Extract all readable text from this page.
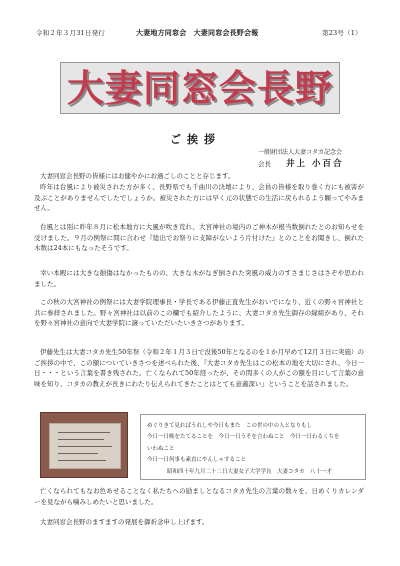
令和２年３月31日発行	大妻地方同窓会　大妻同窓会長野会報	第23号（1）
大妻同窓会長野
ご挨拶
一般財団法人大妻コタカ記念会
会長 井上 小百合

大妻同窓会長野の皆様にはお健やかにお過ごしのことと存じます。

昨年は台風により被災された方が多く、長野県でも千曲川の決壊により、会員の皆様を取り巻く方にも被害が及ぶことがありませんでしたでしょうか。被災された方には早く元の状態での生活に戻られるよう願ってやみません。

台風とは別に昨年８月に松本地方に大風が吹き荒れ、大宮神社の境内のご神木が根当数倒れたとのお知らせを受けました。９月の例祭に間に合わせ『総出でお祭りに支障がないよう片付けた』とのことをお聞きし、倒れた木数は24本にもなったそうです。

幸い本殿には大きな損傷はなかったものの、大きな木がなぎ倒された突風の威力のすさまじさはさぞや思われました。

この秋の大宮神社の例祭には大妻学院理事長・学長である伊藤正直先生がおいでになり、近くの野々宮神社と共に参拝されました。野々宮神社は以前のこの欄でも紹介したように、大妻コタカ先生御存の縁組があり、それを野々宮神社の意向で大妻学院に譲っていただいたいきさつがあります。

伊藤先生は大妻コタカ先生50年祭（令和２年１月３日で没後50年となるのを１か月早めて12月３日に実施）のご挨拶の中で、この額についていきさつを述べられた後、『大妻コタカ先生はこの松本の地を大切にされ、今日一日・・・という言葉を書き残された。亡くなられて50年経ったが、その間多くの人がこの額を目にして言葉の意味を知り、コタカの教えが長きにわたり伝えられてきたことはとても意義深い』ということを話されました。

めぐりきて見ればうれしや今日もまた　この世の中の人となりもし
今日一日晩をたてることを　今日一日うそを言わぬこと　今日一日わるくちを
いわぬこと
今日一日何事も素直にやんしゃすること
昭和四十年九月二十二日大妻女子大学学長　大妻コタカ　八十一才

亡くなられてもなお色あせることなく私たちへの励ましとなるコタカ先生の言葉の数々を、日めくりカレンダーを見ながら噛みしめたいと思いました。

大妻同窓会長野のますますの発展を御祈念申し上げます。
